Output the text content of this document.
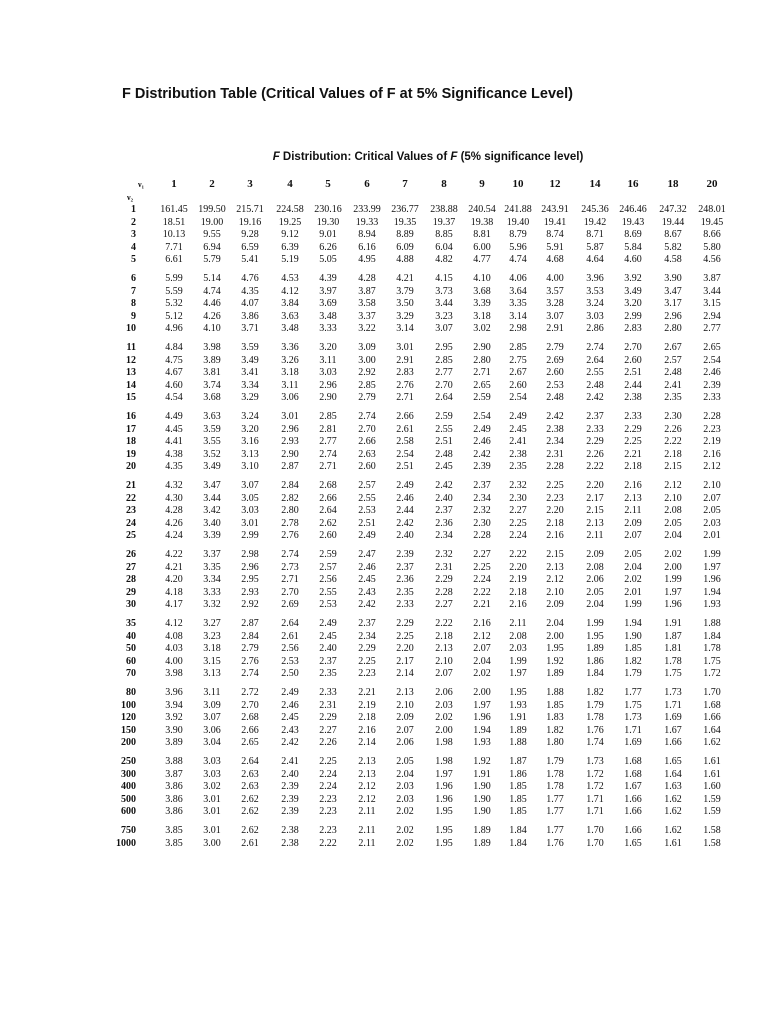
F Distribution Table (Critical Values of F at 5% Significance Level)
F Distribution: Critical Values of F (5% significance level)
ν₁
ν₂
1	2	3	4	5	6	7	8	9	10	12	14	16	18	20
1	161.45	199.50	215.71	224.58	230.16	233.99	236.77	238.88	240.54 241.88 243.91	245.36	246.46	247.32	248.01
2	18.51	19.00	19.16	19.25	19.30	19.33	19.35	19.37	19.38	19.40	19.41	19.42	19.43	19.44	19.45
3	10.13	9.55	9.28	9.12	9.01	8.94	8.89	8.85	8.81	8.79	8.74	8.71	8.69	8.67	8.66
4	7.71	6.94	6.59	6.39	6.26	6.16	6.09	6.04	6.00	5.96	5.91	5.87	5.84	5.82	5.80
5	6.61	5.79	5.41	5.19	5.05	4.95	4.88	4.82	4.77	4.74	4.68	4.64	4.60	4.58	4.56
6	5.99	5.14	4.76	4.53	4.39	4.28	4.21	4.15	4.10	4.06	4.00	3.96	3.92	3.90	3.87
7	5.59	4.74	4.35	4.12	3.97	3.87	3.79	3.73	3.68	3.64	3.57	3.53	3.49	3.47	3.44
8	5.32	4.46	4.07	3.84	3.69	3.58	3.50	3.44	3.39	3.35	3.28	3.24	3.20	3.17	3.15
9	5.12	4.26	3.86	3.63	3.48	3.37	3.29	3.23	3.18	3.14	3.07	3.03	2.99	2.96	2.94
10	4.96	4.10	3.71	3.48	3.33	3.22	3.14	3.07	3.02	2.98	2.91	2.86	2.83	2.80	2.77
11	4.84	3.98	3.59	3.36	3.20	3.09	3.01	2.95	2.90	2.85	2.79	2.74	2.70	2.67	2.65
12	4.75	3.89	3.49	3.26	3.11	3.00	2.91	2.85	2.80	2.75	2.69	2.64	2.60	2.57	2.54
13	4.67	3.81	3.41	3.18	3.03	2.92	2.83	2.77	2.71	2.67	2.60	2.55	2.51	2.48	2.46
14	4.60	3.74	3.34	3.11	2.96	2.85	2.76	2.70	2.65	2.60	2.53	2.48	2.44	2.41	2.39
15	4.54	3.68	3.29	3.06	2.90	2.79	2.71	2.64	2.59	2.54	2.48	2.42	2.38	2.35	2.33
16	4.49	3.63	3.24	3.01	2.85	2.74	2.66	2.59	2.54	2.49	2.42	2.37	2.33	2.30	2.28
17	4.45	3.59	3.20	2.96	2.81	2.70	2.61	2.55	2.49	2.45	2.38	2.33	2.29	2.26	2.23
18	4.41	3.55	3.16	2.93	2.77	2.66	2.58	2.51	2.46	2.41	2.34	2.29	2.25	2.22	2.19
19	4.38	3.52	3.13	2.90	2.74	2.63	2.54	2.48	2.42	2.38	2.31	2.26	2.21	2.18	2.16
20	4.35	3.49	3.10	2.87	2.71	2.60	2.51	2.45	2.39	2.35	2.28	2.22	2.18	2.15	2.12
21	4.32	3.47	3.07	2.84	2.68	2.57	2.49	2.42	2.37	2.32	2.25	2.20	2.16	2.12	2.10
22	4.30	3.44	3.05	2.82	2.66	2.55	2.46	2.40	2.34	2.30	2.23	2.17	2.13	2.10	2.07
23	4.28	3.42	3.03	2.80	2.64	2.53	2.44	2.37	2.32	2.27	2.20	2.15	2.11	2.08	2.05
24	4.26	3.40	3.01	2.78	2.62	2.51	2.42	2.36	2.30	2.25	2.18	2.13	2.09	2.05	2.03
25	4.24	3.39	2.99	2.76	2.60	2.49	2.40	2.34	2.28	2.24	2.16	2.11	2.07	2.04	2.01
26	4.22	3.37	2.98	2.74	2.59	2.47	2.39	2.32	2.27	2.22	2.15	2.09	2.05	2.02	1.99
27	4.21	3.35	2.96	2.73	2.57	2.46	2.37	2.31	2.25	2.20	2.13	2.08	2.04	2.00	1.97
28	4.20	3.34	2.95	2.71	2.56	2.45	2.36	2.29	2.24	2.19	2.12	2.06	2.02	1.99	1.96
29	4.18	3.33	2.93	2.70	2.55	2.43	2.35	2.28	2.22	2.18	2.10	2.05	2.01	1.97	1.94
30	4.17	3.32	2.92	2.69	2.53	2.42	2.33	2.27	2.21	2.16	2.09	2.04	1.99	1.96	1.93
35	4.12	3.27	2.87	2.64	2.49	2.37	2.29	2.22	2.16	2.11	2.04	1.99	1.94	1.91	1.88
40	4.08	3.23	2.84	2.61	2.45	2.34	2.25	2.18	2.12	2.08	2.00	1.95	1.90	1.87	1.84
50	4.03	3.18	2.79	2.56	2.40	2.29	2.20	2.13	2.07	2.03	1.95	1.89	1.85	1.81	1.78
60	4.00	3.15	2.76	2.53	2.37	2.25	2.17	2.10	2.04	1.99	1.92	1.86	1.82	1.78	1.75
70	3.98	3.13	2.74	2.50	2.35	2.23	2.14	2.07	2.02	1.97	1.89	1.84	1.79	1.75	1.72
80	3.96	3.11	2.72	2.49	2.33	2.21	2.13	2.06	2.00	1.95	1.88	1.82	1.77	1.73	1.70
100	3.94	3.09	2.70	2.46	2.31	2.19	2.10	2.03	1.97	1.93	1.85	1.79	1.75	1.71	1.68
120	3.92	3.07	2.68	2.45	2.29	2.18	2.09	2.02	1.96	1.91	1.83	1.78	1.73	1.69	1.66
150	3.90	3.06	2.66	2.43	2.27	2.16	2.07	2.00	1.94	1.89	1.82	1.76	1.71	1.67	1.64
200	3.89	3.04	2.65	2.42	2.26	2.14	2.06	1.98	1.93	1.88	1.80	1.74	1.69	1.66	1.62
250	3.88	3.03	2.64	2.41	2.25	2.13	2.05	1.98	1.92	1.87	1.79	1.73	1.68	1.65	1.61
300	3.87	3.03	2.63	2.40	2.24	2.13	2.04	1.97	1.91	1.86	1.78	1.72	1.68	1.64	1.61
400	3.86	3.02	2.63	2.39	2.24	2.12	2.03	1.96	1.90	1.85	1.78	1.72	1.67	1.63	1.60
500	3.86	3.01	2.62	2.39	2.23	2.12	2.03	1.96	1.90	1.85	1.77	1.71	1.66	1.62	1.59
600	3.86	3.01	2.62	2.39	2.23	2.11	2.02	1.95	1.90	1.85	1.77	1.71	1.66	1.62	1.59
750	3.85	3.01	2.62	2.38	2.23	2.11	2.02	1.95	1.89	1.84	1.77	1.70	1.66	1.62	1.58
1000	3.85	3.00	2.61	2.38	2.22	2.11	2.02	1.95	1.89	1.84	1.76	1.70	1.65	1.61	1.58
